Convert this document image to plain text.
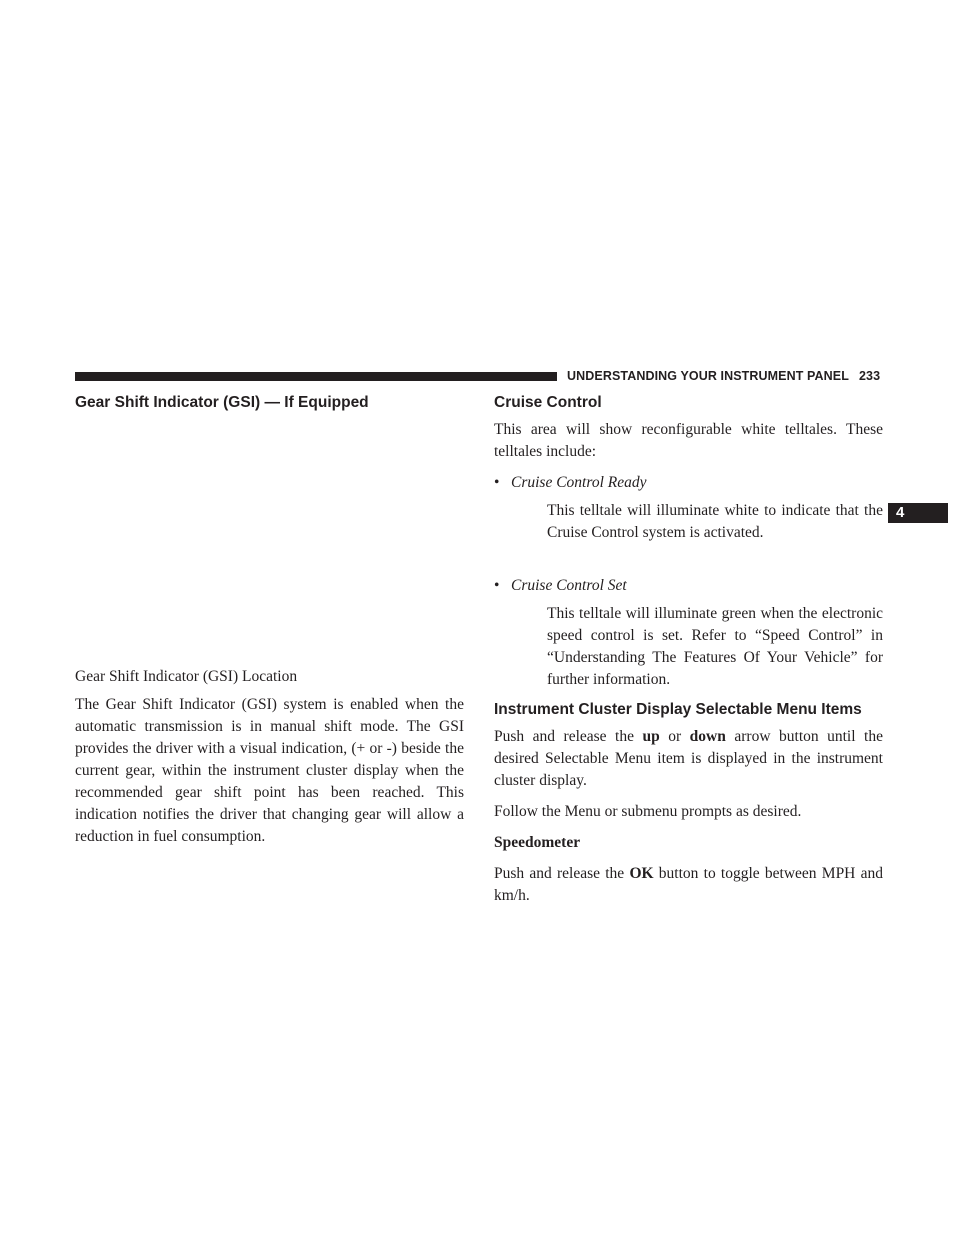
UNDERSTANDING YOUR INSTRUMENT PANEL 233
4
Gear Shift Indicator (GSI) — If Equipped

Gear Shift Indicator (GSI) Location

The Gear Shift Indicator (GSI) system is enabled when the automatic transmission is in manual shift mode. The GSI provides the driver with a visual indication, (+ or -) beside the current gear, within the instrument cluster display when the recommended gear shift point has been reached. This indication notifies the driver that changing gear will allow a reduction in fuel consumption.

Cruise Control

This area will show reconfigurable white telltales. These telltales include:

• Cruise Control Ready

This telltale will illuminate white to indicate that the Cruise Control system is activated.

• Cruise Control Set

This telltale will illuminate green when the electronic speed control is set. Refer to “Speed Control” in “Understanding The Features Of Your Vehicle” for further information.

Instrument Cluster Display Selectable Menu Items

Push and release the up or down arrow button until the desired Selectable Menu item is displayed in the instrument cluster display.

Follow the Menu or submenu prompts as desired.

Speedometer

Push and release the OK button to toggle between MPH and km/h.
